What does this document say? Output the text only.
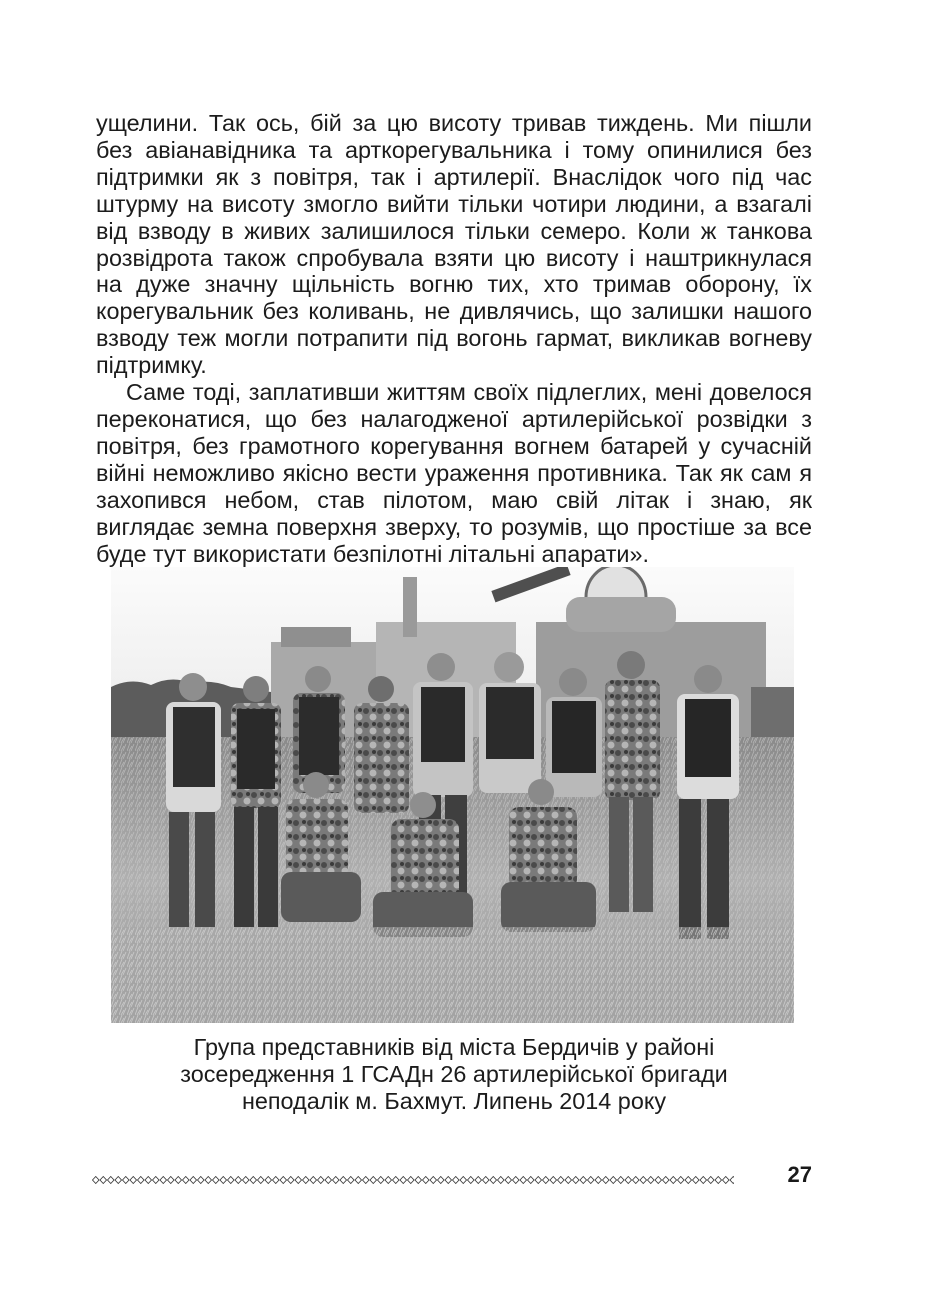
ущелини. Так ось, бій за цю висоту тривав тиждень. Ми пішли без авіанавідника та арткорегувальника і тому опинилися без підтримки як з повітря, так і артилерії. Внаслідок чого під час штурму на висоту змогло вийти тільки чотири людини, а взагалі від взводу в живих залишилося тільки семеро. Коли ж танкова розвідрота також спробувала взяти цю висоту і наштрикнулася на дуже значну щільність вогню тих, хто тримав оборону, їх корегувальник без коливань, не дивлячись, що залишки нашого взводу теж могли потрапити під вогонь гармат, викликав вогневу підтримку.

Саме тоді, заплативши життям своїх підлеглих, мені довелося переконатися, що без налагодженої артилерійської розвідки з повітря, без грамотного корегування вогнем батарей у сучасній війні неможливо якісно вести ураження противника. Так як сам я захопився небом, став пілотом, маю свій літак і знаю, як виглядає земна поверхня зверху, то розумів, що простіше за все буде тут використати безпілотні літальні апарати».

Група представників від міста Бердичів у районі
зосередження 1 ГСАДн 26 артилерійської бригади
неподалік м. Бахмут. Липень 2014 року
27
